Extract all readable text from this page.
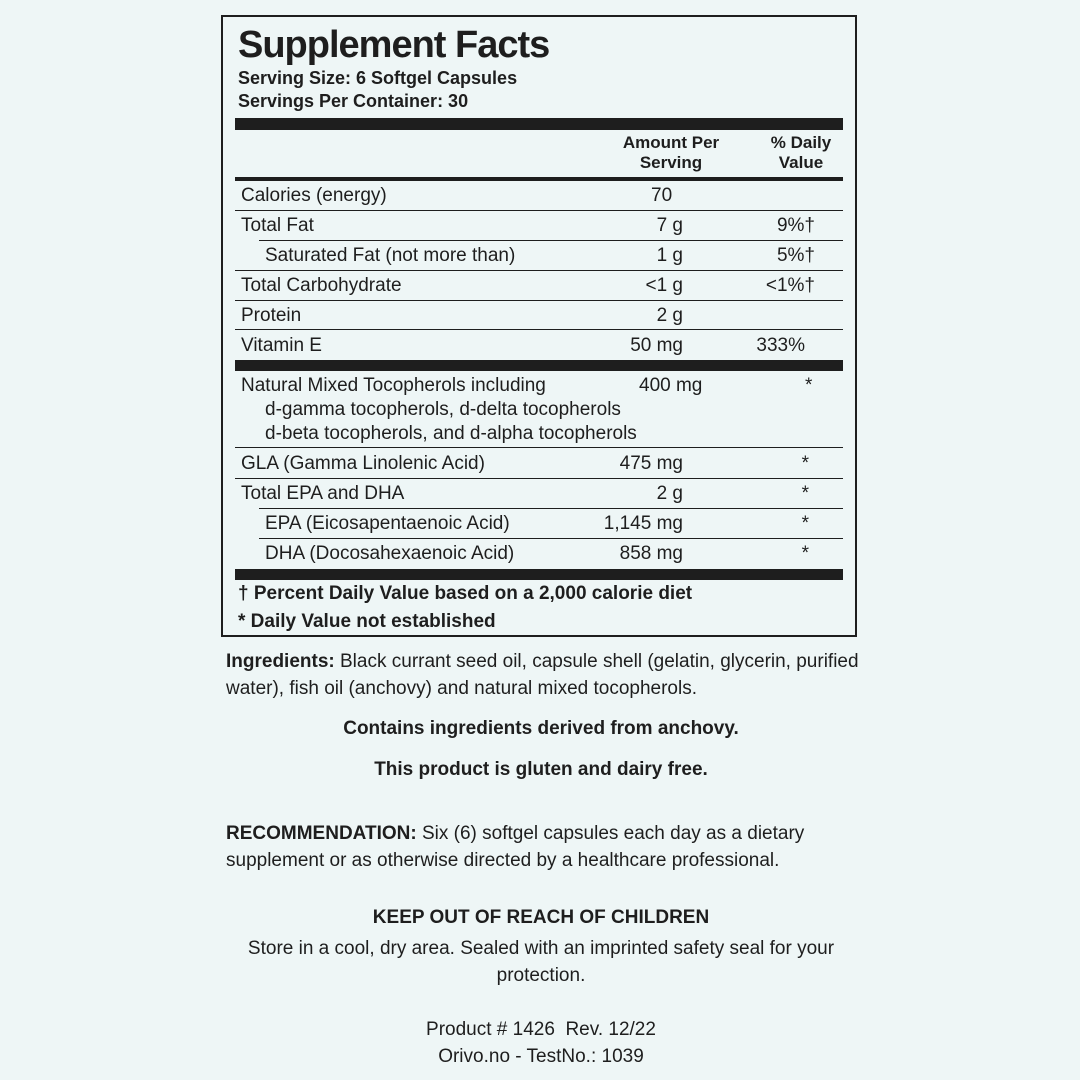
Supplement Facts
Serving Size: 6 Softgel Capsules
Servings Per Container: 30
Amount Per
Serving
% Daily
Value
Calories (energy)	70
Total Fat	7 g	9%†
Saturated Fat (not more than)	1 g	5%†
Total Carbohydrate	<1 g	<1%†
Protein	2 g
Vitamin E	50 mg	333%
Natural Mixed Tocopherols including
d-gamma tocopherols, d-delta tocopherols
d-beta tocopherols, and d-alpha tocopherols
400 mg	*
GLA (Gamma Linolenic Acid)	475 mg	*
Total EPA and DHA	2 g	*
EPA (Eicosapentaenoic Acid)	1,145 mg	*
DHA (Docosahexaenoic Acid)	858 mg	*
† Percent Daily Value based on a 2,000 calorie diet
* Daily Value not established
Ingredients: Black currant seed oil, capsule shell (gelatin, glycerin, purified
water), fish oil (anchovy) and natural mixed tocopherols.
Contains ingredients derived from anchovy.
This product is gluten and dairy free.
RECOMMENDATION: Six (6) softgel capsules each day as a dietary
supplement or as otherwise directed by a healthcare professional.
KEEP OUT OF REACH OF CHILDREN
Store in a cool, dry area. Sealed with an imprinted safety seal for your
protection.
Product # 1426  Rev. 12/22
Orivo.no - TestNo.: 1039
